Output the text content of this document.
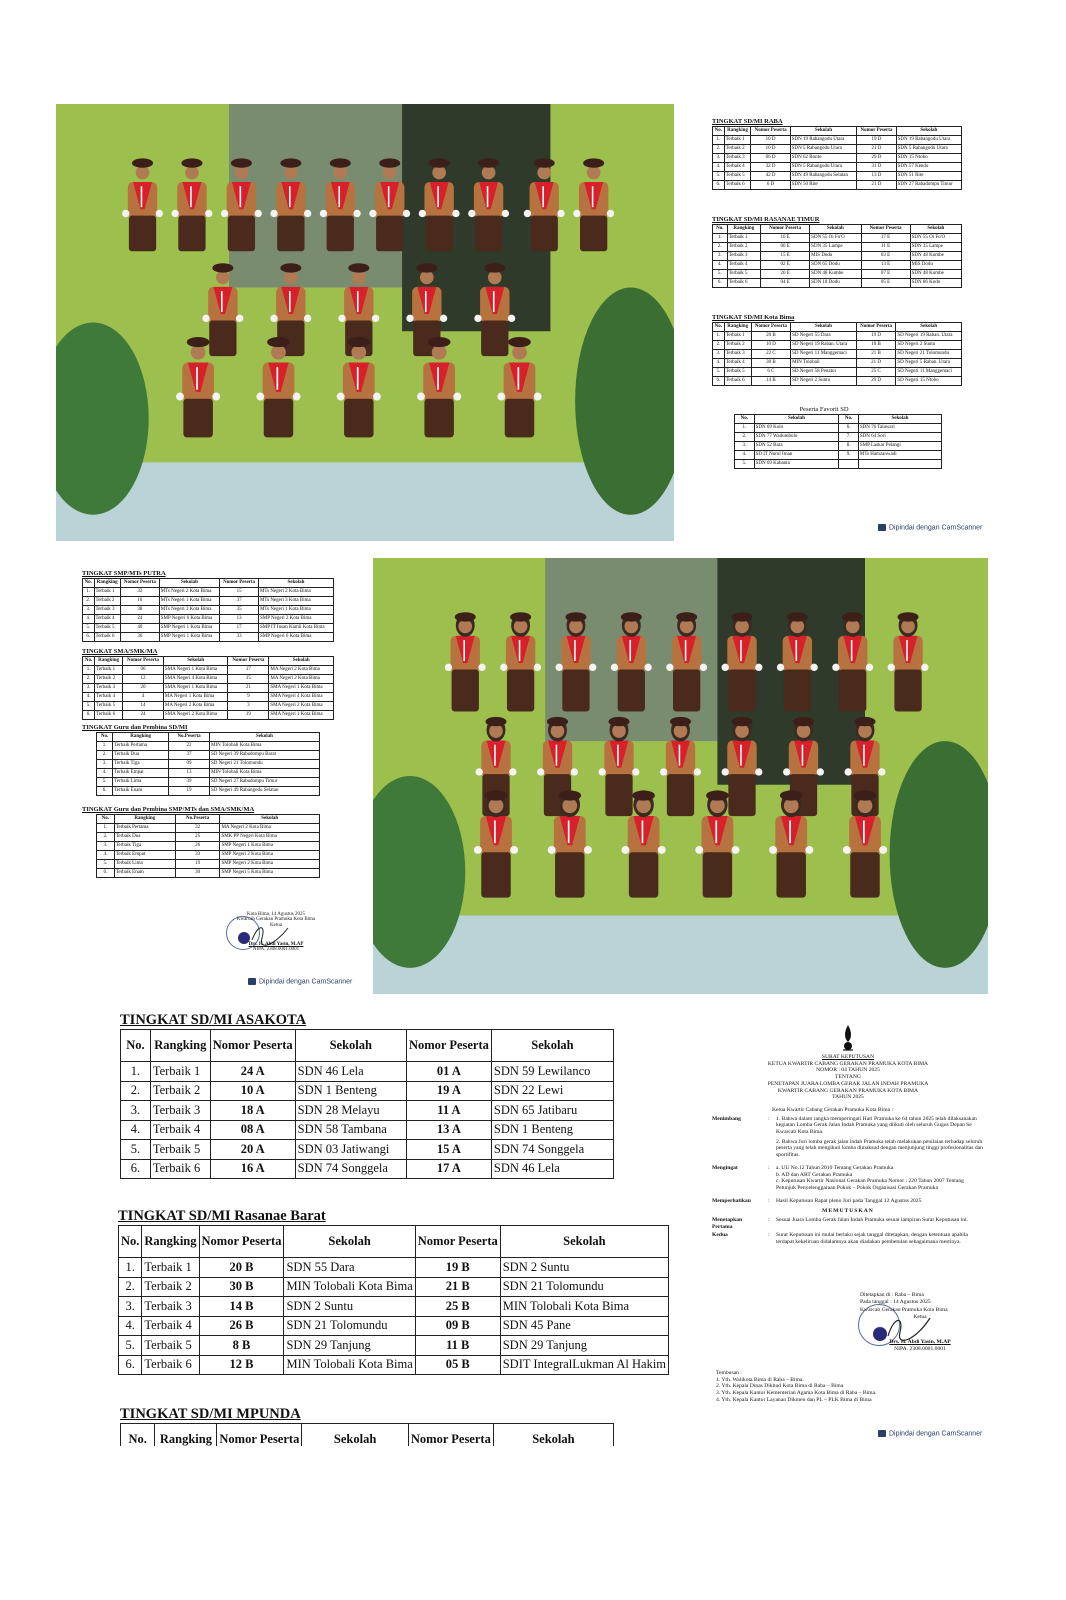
TINGKAT SD/MI RABA
No.	Rangking	Nomor Peserta	Sekolah	Nomor Peserta	Sekolah
1.	Terbaik 1	10 D	SDN 19 Rabangodu Utara	19 D	SDN 19 Rabangodu Utara
2.	Terbaik 2	10 D	SDN 5 Rabangodu Utara	21 D	SDN 5 Rabangodu Utara
3.	Terbaik 3	06 D	SDN 62 Bonto	29 D	SDN 15 Ntobo
4.	Terbaik 4	32 D	SDN 5 Rabangodu Utara	31 D	SDN 57 Kendo
5.	Terbaik 5	42 D	SDN 49 Rabangodu Selatan	13 D	SDN 51 Rite
6.	Terbaik 6	6 D	SDN 50 Rite	21 D	SDN 27 Rabadompu Timur
TINGKAT SD/MI RASANAE TIMUR
No.	Rangking	Nomor Peserta	Sekolah	Nomor Peserta	Sekolah
1.	Terbaik 1	16 E	SDN 55 Oi Fo'O	17 E	SDN 55 Oi Fo'O
2.	Terbaik 2	06 E	SDN 35 Lampe	11 E	SDN 35 Lampe
3.	Terbaik 3	15 E	MIS Dodu	03 E	SDN 48 Kumbe
4.	Terbaik 4	02 E	SDN 65 Dodu	13 E	MIS Dodu
5.	Terbaik 5	20 E	SDN 48 Kumbe	07 E	SDN 48 Kumbe
6.	Terbaik 6	04 E	SDN 18 Dodu	05 E	SDN 86 Kodo
TINGKAT SD/MI Kota Bima
No.	Rangking	Nomor Peserta	Sekolah	Nomor Peserta	Sekolah
1.	Terbaik 1	20 B	SD Negeri 55 Dara	19 D	SD Negeri 19 Raban. Utara
2.	Terbaik 2	10 D	SD Negeri 19 Raban. Utara	19 B	SD Negeri 2 Suntu
3.	Terbaik 3	22 C	SD Negeri 11 Manggemaci	21 B	SD Negeri 21 Tolomundu
4.	Terbaik 4	30 B	MIN Tolobali	21 D	SD Negeri 5 Raban. Utara
5.	Terbaik 5	6 C	SD Negeri 58 Penatoi	25 C	SD Negeri 11 Manggemaci
6.	Terbaik 6	14 B	SD Negeri 2 Suntu	29 D	SD Negeri 15 Ntobo
Peserta Favorit SD
No.	Sekolah	No.	Sekolah
1.	SDN 69 Kolo	6.	SDN 76 Talawari
2.	SDN 77 Wadumbolo	7.	SDN 64 Sori
3.	SDN 52 Bara	8.	SMP Laskar Pelangi
4.	SD IT Nurul Iman	9.	MTs Hamzanwadi
5.	SDN 69 Kabanta		
Dipindai dengan CamScanner
TINGKAT SMP/MTs PUTRA
No.	Rangking	Nomor Peserta	Sekolah	Nomor Peserta	Sekolah
1.	Terbaik 1	32	MTs Negeri 2 Kota Bima	15	MTs Negeri 2 Kota Bima
2.	Terbaik 2	16	MTs Negeri 1 Kota Bima	37	MTs Negeri 3 Kota Bima
3.	Terbaik 3	38	MTs Negeri 3 Kota Bima	35	MTs Negeri 1 Kota Bima
4.	Terbaik 4	24	SMP Negeri 6 Kota Bima	13	SMP Negeri 2 Kota Bima
5.	Terbaik 5	40	SMP Negeri 1 Kota Bima	17	SMP IT Insan Kamil Kota Bima
6.	Terbaik 6	36	SMP Negeri 1 Kota Bima	33	SMP Negeri 6 Kota Bima
TINGKAT SMA/SMK/MA
No.	Rangking	Nomor Peserta	Sekolah	Nomor Peserta	Sekolah
1.	Terbaik 1	06	SMA Negeri 1 Kota Bima	17	MA Negeri 2 Kota Bima
2.	Terbaik 2	12	SMA Negeri 4 Kota Bima	15	MA Negeri 2 Kota Bima
3.	Terbaik 3	20	SMA Negeri 1 Kota Bima	21	SMA Negeri 1 Kota Bima
4.	Terbaik 4	4	MA Negeri 1 Kota Bima	9	SMA Negeri 4 Kota Bima
5.	Terbaik 5	14	MA Negeri 2 Kota Bima	3	SMA Negeri 2 Kota Bima
6.	Terbaik 6	24	SMA Negeri 2 Kota Bima	19	SMA Negeri 1 Kota Bima
TINGKAT Guru dan Pembina SD/MI
No.	Rangking	No.Peserta	Sekolah
1.	Terbaik Pertama	22	MIN Tolobali Kota Bima
2.	Terbaik Dua	37	SD Negeri 39 Rabadompu Barat
3.	Terbaik Tiga	09	SD Negeri 21 Tolomundu
4.	Terbaik Empat	13	MIN Tolobali Kota Bima
5.	Terbaik Lima	39	SD Negeri 27 Rabadompu Timur
6.	Terbaik Enam	19	SD Negeri 49 Rabangodu Selatan
TINGKAT Guru dan Pembina SMP/MTs dan SMA/SMK/MA
No.	Rangking	No.Peserta	Sekolah
1.	Terbaik Pertama	32	MA Negeri 2 Kota Bima
2.	Terbaik Dua	25	SMK PP Negeri Kota Bima
3.	Terbaik Tiga	26	SMP Negeri 1 Kota Bima
4.	Terbaik Empat	33	SMP Negeri 2 Kota Bima
5.	Terbaik Lima	19	SMP Negeri 2 Kota Bima
6.	Terbaik Enam	30	SMP Negeri 5 Kota Bima
Kota Bima, 14 Agustus 2025
Kwarcab Gerakan Pramuka Kota Bima
Ketua
Drs. H. Abdi Yasin, M.AP
NIPA. 2308.0001.0001
Dipindai dengan CamScanner
TINGKAT SD/MI ASAKOTA
No.	Rangking	Nomor Peserta	Sekolah	Nomor Peserta	Sekolah
1.	Terbaik 1	24 A	SDN 46 Lela	01 A	SDN 59 Lewilanco
2.	Terbaik 2	10 A	SDN 1 Benteng	19 A	SDN 22 Lewi
3.	Terbaik 3	18 A	SDN 28 Melayu	11 A	SDN 65 Jatibaru
4.	Terbaik 4	08 A	SDN 58 Tambana	13 A	SDN 1 Benteng
5.	Terbaik 5	20 A	SDN 03 Jatiwangi	15 A	SDN 74 Songgela
6.	Terbaik 6	16 A	SDN 74 Songgela	17 A	SDN 46 Lela
TINGKAT SD/MI Rasanae Barat
No.	Rangking	Nomor Peserta	Sekolah	Nomor Peserta	Sekolah
1.	Terbaik 1	20 B	SDN 55 Dara	19 B	SDN 2 Suntu
2.	Terbaik 2	30 B	MIN Tolobali Kota Bima	21 B	SDN 21 Tolomundu
3.	Terbaik 3	14 B	SDN 2 Suntu	25 B	MIN Tolobali Kota Bima
4.	Terbaik 4	26 B	SDN 21 Tolomundu	09 B	SDN 45 Pane
5.	Terbaik 5	8 B	SDN 29 Tanjung	11 B	SDN 29 Tanjung
6.	Terbaik 6	12 B	MIN Tolobali Kota Bima	05 B	SDIT IntegralLukman Al Hakim
TINGKAT SD/MI MPUNDA
No.	Rangking	Nomor Peserta	Sekolah	Nomor Peserta	Sekolah
SURAT KEPUTUSAN
KETUA KWARTIR CABANG GERAKAN PRAMUKA KOTA BIMA
NOMOR : 04 TAHUN 2025
TENTANG
PENETAPAN JUARA LOMBA GERAK JALAN INDAH PRAMUKA
KWARTIR CABANG GERAKAN PRAMUKA KOTA BIMA
TAHUN 2025
Ketua Kwartir Cabang Gerakan Pramuka Kota Bima :
Menimbang	:	1. Bahwa dalam rangka memperingati Hari Pramuka ke 64 tahun 2025 telah dilaksanakan kegiatan Lomba Gerak Jalan Indah Pramuka yang diikuti oleh seluruh Gugus Depan Se Kwarcab Kota Bima.
2. Bahwa Juri lomba gerak jalan indah Pramuka telah melakukan penilaian terhadap seluruh peserta yang telah mengikuti lomba dimaksud dengan menjunjung tinggi profesionalitas dan sportifitas.
Mengingat	:	a. UU No.12 Tahun 2010 Tentang Gerakan Pramuka
b. AD dan ART Gerakan Pramuka
c. Keputusan Kwartir Nasional Gerakan Pramuka Nomor : 220 Tahun 2007 Tentang Petunjuk Penyelenggaraan Pokok – Pokok Organisasi Gerakan Pramuka
Memperhatikan	:	Hasil Keputusan Rapat pleno Juri pada Tanggal 12 Agustus 2025
MEMUTUSKAN
Menetapkan
Pertama
:	Sesuai Juara Lomba Gerak Jalan Indah Pramuka sesuai lampiran Surat Keputusan ini.
Kedua	:	Surat Keputusan ini mulai berlaku sejak tanggal ditetapkan, dengan ketentuan apabila terdapat kekeliruan didalamnya akan diadakan pembetulan sebagaimana mestinya.
Ditetapkan di : Raba – Bima
Pada tanggal : 14 Agustus 2025
Kwarcab Gerakan Pramuka Kota Bima
Ketua
Drs. H. Abdi Yasin, M.AP
NIPA. 2308.0001.0001
Tembusan :
1. Yth. Walikota Bima di Raba – Bima.
2. Yth. Kepala Dinas Dikbud Kota Bima di Raba – Bima
3. Yth. Kepala Kantor Kementerian Agama Kota Bima di Raba – Bima.
4. Yth. Kepala Kantor Layanan Dikmen dan PL – PLK Bima di Bima
Dipindai dengan CamScanner
